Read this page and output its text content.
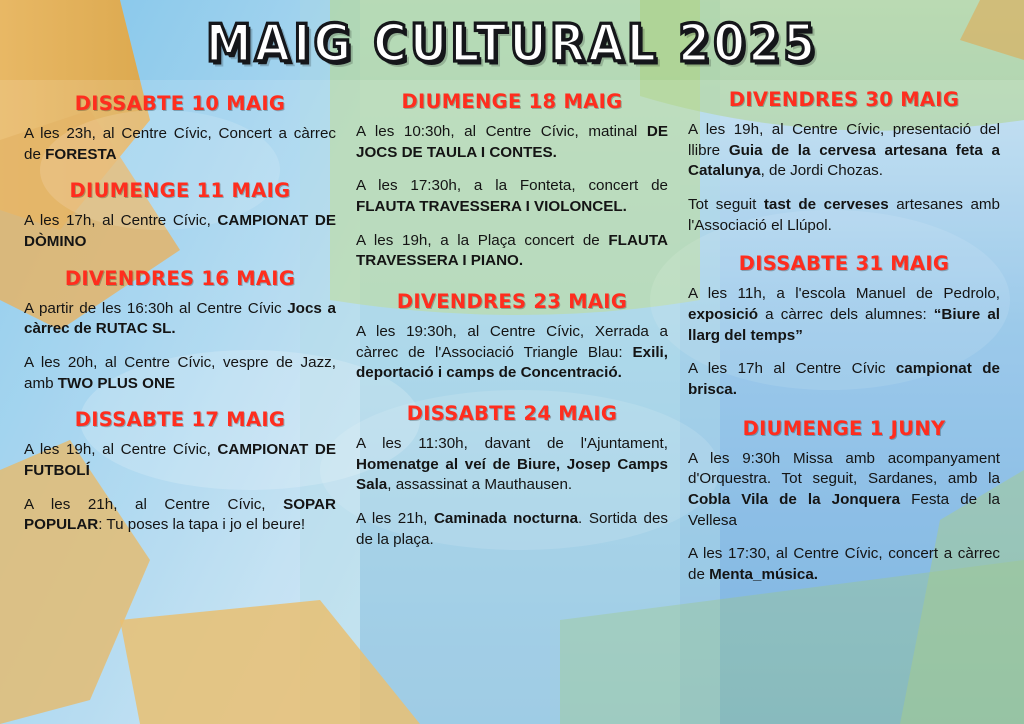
MAIG CULTURAL 2025
DISSABTE 10 MAIG

A les 23h, al Centre Cívic, Concert a càrrec de FORESTA

DIUMENGE 11 MAIG

A les 17h, al Centre Cívic, CAMPIONAT DE DÒMINO

DIVENDRES 16 MAIG

A partir de les 16:30h al Centre Cívic Jocs a càrrec de RUTAC SL.

A les 20h, al Centre Cívic, vespre de Jazz, amb TWO PLUS ONE

DISSABTE 17 MAIG

A les 19h, al Centre Cívic, CAMPIONAT DE FUTBOLÍ

A les 21h, al Centre Cívic, SOPAR POPULAR: Tu poses la tapa i jo el beure!

DIUMENGE 18 MAIG

A les 10:30h, al Centre Cívic, matinal DE JOCS DE TAULA I CONTES.

A les 17:30h, a la Fonteta, concert de FLAUTA TRAVESSERA I VIOLONCEL.

A les 19h, a la Plaça concert de FLAUTA TRAVESSERA I PIANO.

DIVENDRES 23 MAIG

A les 19:30h, al Centre Cívic, Xerrada a càrrec de l'Associació Triangle Blau: Exili, deportació i camps de Concentració.

DISSABTE 24 MAIG

A les 11:30h, davant de l'Ajuntament, Homenatge al veí de Biure, Josep Camps Sala, assassinat a Mauthausen.

A les 21h, Caminada nocturna. Sortida des de la plaça.

DIVENDRES 30 MAIG

A les 19h, al Centre Cívic, presentació del llibre Guia de la cervesa artesana feta a Catalunya, de Jordi Chozas.

Tot seguit tast de cerveses artesanes amb l'Associació el Llúpol.

DISSABTE 31 MAIG

A les 11h, a l'escola Manuel de Pedrolo, exposició a càrrec dels alumnes: “Biure al llarg del temps”

A les 17h al Centre Cívic campionat de brisca.

DIUMENGE 1 JUNY

A les 9:30h Missa amb acompanyament d'Orquestra. Tot seguit, Sardanes, amb la Cobla Vila de la Jonquera Festa de la Vellesa

A les 17:30, al Centre Cívic, concert a càrrec de Menta_música.
